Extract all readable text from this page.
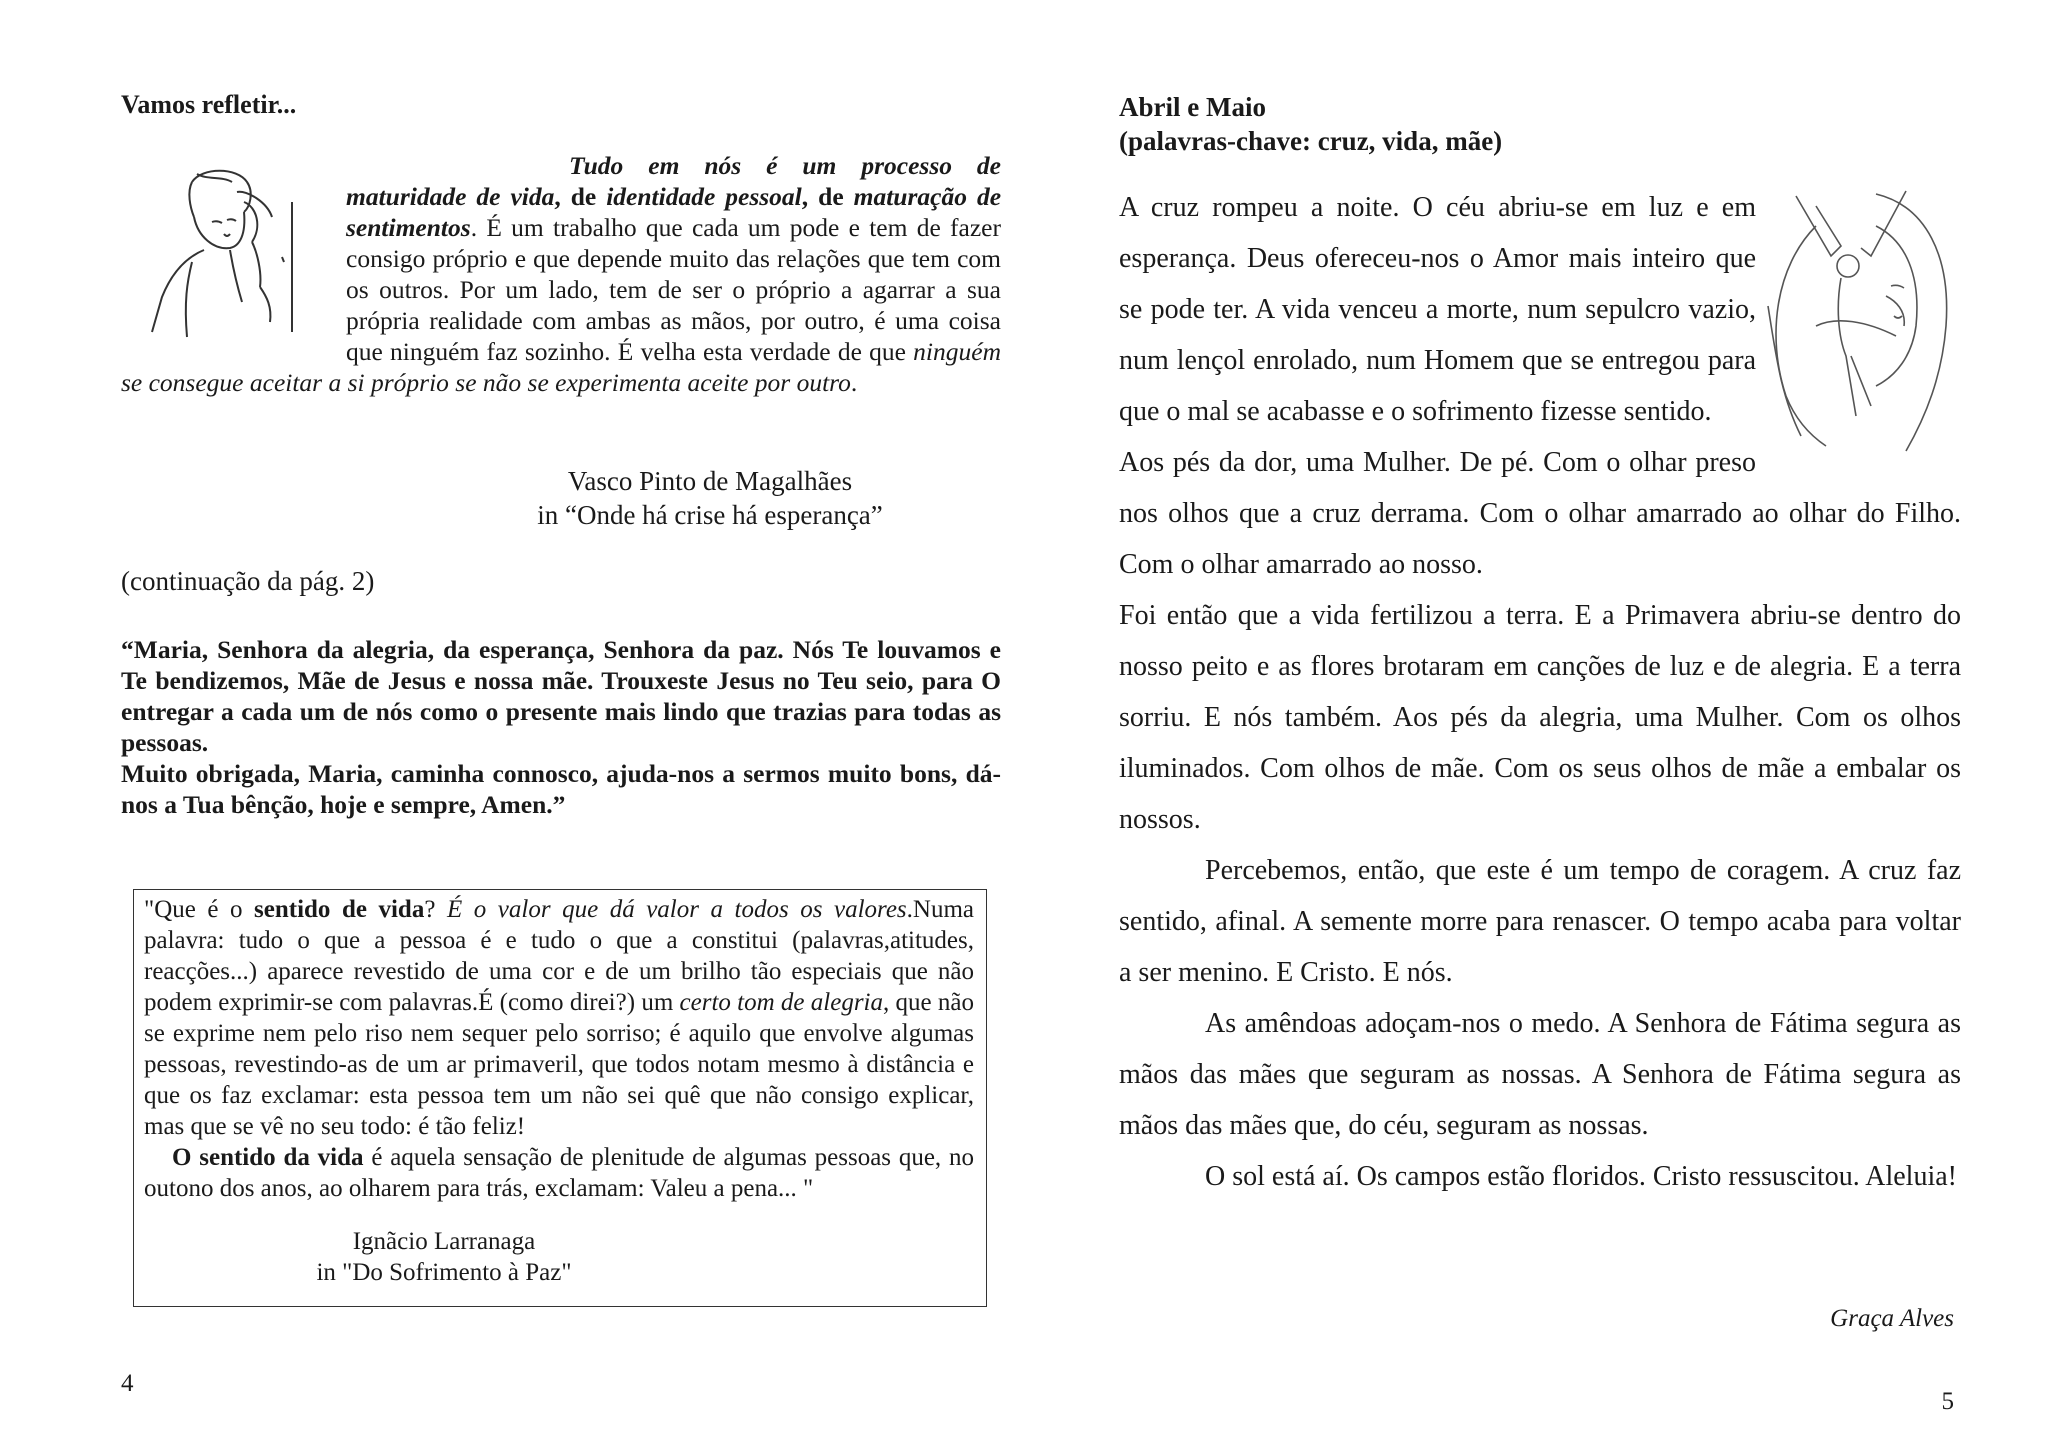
Vamos refletir...
Tudo em nós é um processo de maturidade de vida, de identidade pessoal, de maturação de sentimentos. É um trabalho que cada um pode e tem de fazer consigo próprio e que depende muito das relações que tem com os outros. Por um lado, tem de ser o próprio a agarrar a sua própria realidade com ambas as mãos, por outro, é uma coisa que ninguém faz sozinho. É velha esta verdade de que ninguém se consegue aceitar a si próprio se não se experimenta aceite por outro.
Vasco Pinto de Magalhães
in “Onde há crise há esperança”
(continuação da pág. 2)
“Maria, Senhora da alegria, da esperança, Senhora da paz. Nós Te louvamos e Te bendizemos, Mãe de Jesus e nossa mãe. Trouxeste Jesus no Teu seio, para O entregar a cada um de nós como o presente mais lindo que trazias para todas as pessoas.
Muito obrigada, Maria, caminha connosco, ajuda-nos a sermos muito bons, dá-nos a Tua bênção, hoje e sempre, Amen.”
"Que é o sentido de vida? É o valor que dá valor a todos os valores.Numa palavra: tudo o que a pessoa é e tudo o que a constitui (palavras,atitudes, reacções...) aparece revestido de uma cor e de um brilho tão especiais que não podem exprimir-se com palavras.É (como direi?) um certo tom de alegria, que não se exprime nem pelo riso nem sequer pelo sorriso; é aquilo que envolve algumas pessoas, revestindo-as de um ar primaveril, que todos notam mesmo à distância e que os faz exclamar: esta pessoa tem um não sei quê que não consigo explicar, mas que se vê no seu todo: é tão feliz!
O sentido da vida é aquela sensação de plenitude de algumas pessoas que, no outono dos anos, ao olharem para trás, exclamam: Valeu a pena... "
Ignãcio Larranaga
in "Do Sofrimento à Paz"
4
Abril e Maio
(palavras-chave: cruz, vida, mãe)
A cruz rompeu a noite. O céu abriu-se em luz e em esperança. Deus ofereceu-nos o Amor mais inteiro que se pode ter. A vida venceu a morte, num sepulcro vazio, num lençol enrolado, num Homem que se entregou para que o mal se acabasse e o sofrimento fizesse sentido.
Aos pés da dor, uma Mulher. De pé. Com o olhar preso nos olhos que a cruz derrama. Com o olhar amarrado ao olhar do Filho. Com o olhar amarrado ao nosso.
Foi então que a vida fertilizou a terra. E a Primavera abriu-se dentro do nosso peito e as flores brotaram em canções de luz e de alegria. E a terra sorriu. E nós também. Aos pés da alegria, uma Mulher. Com os olhos iluminados. Com olhos de mãe. Com os seus olhos de mãe a embalar os nossos.
Percebemos, então, que este é um tempo de coragem. A cruz faz sentido, afinal. A semente morre para renascer. O tempo acaba para voltar a ser menino. E Cristo. E nós.
As amêndoas adoçam-nos o medo. A Senhora de Fátima segura as mãos das mães que seguram as nossas. A Senhora de Fátima segura as mãos das mães que, do céu, seguram as nossas.
O sol está aí. Os campos estão floridos. Cristo ressuscitou. Aleluia!
Graça Alves
5
